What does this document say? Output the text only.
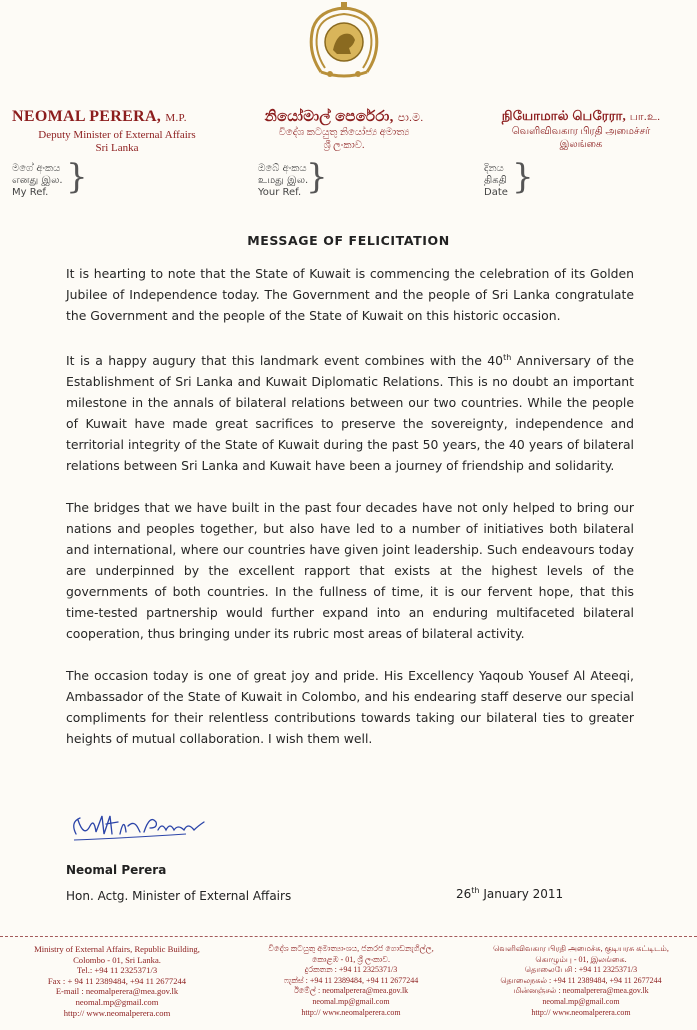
NEOMAL PERERA, M.P.
Deputy Minister of External Affairs
Sri Lanka
නියෝමාල් පෙරේරා, පා.ම.
විදේශ කටයුතු නියෝජ්‍ය අමාත්‍ය
ශ්‍රී ලංකාව.
நியோமால் பெரேரா, பா.உ.
வெளிவிவகார பிரதி அமைச்சர்
இலங்கை
මගේ අංකය
எனது இல.
My Ref. }	ඔබේ අංකය
உமது இல.
Your Ref. }	දිනය
திகதி
Date }
MESSAGE OF FELICITATION

It is hearting to note that the State of Kuwait is commencing the celebration of its Golden Jubilee of Independence today. The Government and the people of Sri Lanka congratulate the Government and the people of the State of Kuwait on this historic occasion.

It is a happy augury that this landmark event combines with the 40th Anniversary of the Establishment of Sri Lanka and Kuwait Diplomatic Relations. This is no doubt an important milestone in the annals of bilateral relations between our two countries. While the people of Kuwait have made great sacrifices to preserve the sovereignty, independence and territorial integrity of the State of Kuwait during the past 50 years, the 40 years of bilateral relations between Sri Lanka and Kuwait have been a journey of friendship and solidarity.

The bridges that we have built in the past four decades have not only helped to bring our nations and peoples together, but also have led to a number of initiatives both bilateral and international, where our countries have given joint leadership. Such endeavours today are underpinned by the excellent rapport that exists at the highest levels of the governments of both countries. In the fullness of time, it is our fervent hope, that this time-tested partnership would further expand into an enduring multifaceted bilateral cooperation, thus bringing under its rubric most areas of bilateral activity.

The occasion today is one of great joy and pride. His Excellency Yaqoub Yousef Al Ateeqi, Ambassador of the State of Kuwait in Colombo, and his endearing staff deserve our special compliments for their relentless contributions towards taking our bilateral ties to greater heights of mutual collaboration. I wish them well.

Neomal Perera
Hon. Actg. Minister of External Affairs	26th January 2011
Ministry of External Affairs, Republic Building,
Colombo - 01, Sri Lanka.
Tel.: +94 11 2325371/3
Fax : + 94 11 2389484, +94 11 2677244
E-mail : neomalperera@mea.gov.lk
neomal.mp@gmail.com
http:// www.neomalperera.com
විදේශ කටයුතු අමාත්‍යාංශය, ජනරජ ගොඩනැගිල්ල,
කොළඹ - 01, ශ්‍රී ලංකාව.
දුරකතන : +94 11 2325371/3
ෆැක්ස් : +94 11 2389484, +94 11 2677244
ඊමේල් : neomalperera@mea.gov.lk
neomal.mp@gmail.com
http:// www.neomalperera.com
வெளிவிவகார பிரதி அமைச்சு, குடியரசு கட்டிடம்,
கொழும்பு - 01, இலங்கை.
தொலைபேசி : +94 11 2325371/3
தொலைநகல் : +94 11 2389484, +94 11 2677244
மின்னஞ்சல் : neomalperera@mea.gov.lk
neomal.mp@gmail.com
http:// www.neomalperera.com
